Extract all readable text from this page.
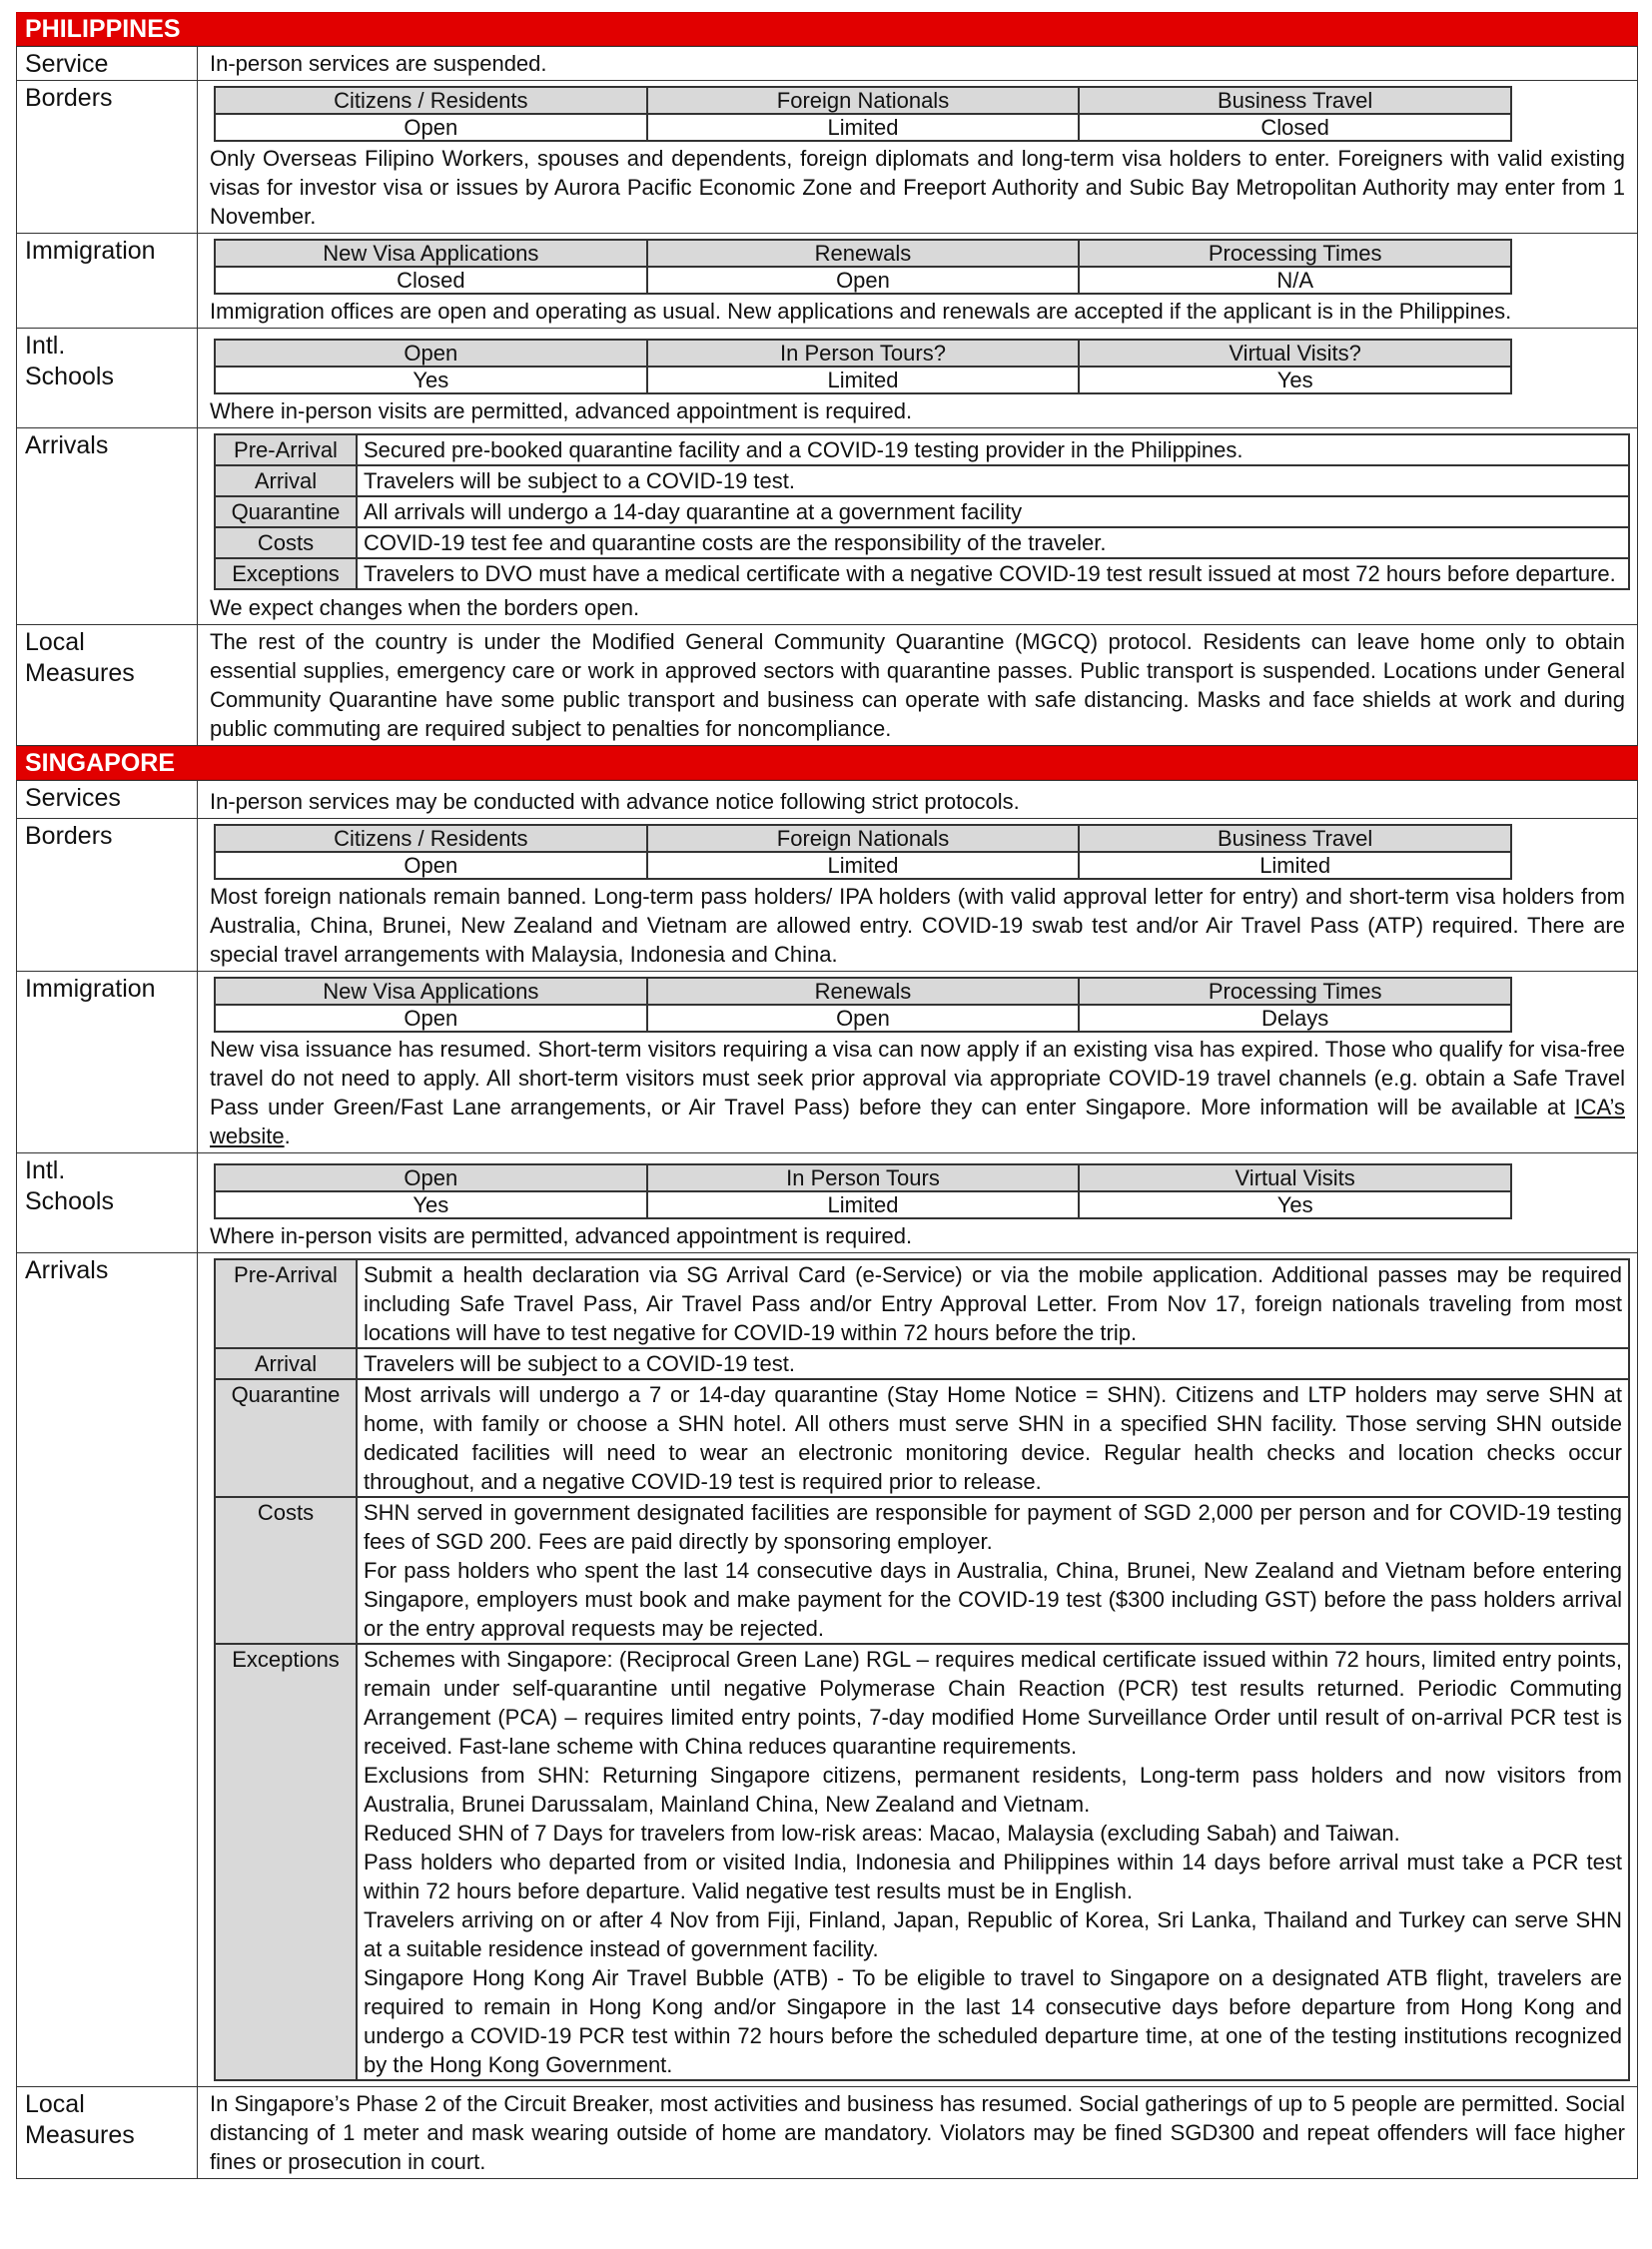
PHILIPPINES
Service	In-person services are suspended.
Borders		Citizens / Residents	Foreign Nationals	Business Travel
Open	Limited	Closed

Only Overseas Filipino Workers, spouses and dependents, foreign diplomats and long-term visa holders to enter. Foreigners with valid existing visas for investor visa or issues by Aurora Pacific Economic Zone and Freeport Authority and Subic Bay Metropolitan Authority may enter from 1 November.

Immigration		New Visa Applications	Renewals	Processing Times
Closed	Open	N/A

Immigration offices are open and operating as usual. New applications and renewals are accepted if the applicant is in the Philippines.

Intl.
Schools

Open	In Person Tours?	Virtual Visits?
Yes	Limited	Yes

Where in-person visits are permitted, advanced appointment is required.

Arrivals		Pre-Arrival	Secured pre-booked quarantine facility and a COVID-19 testing provider in the Philippines.
Arrival	Travelers will be subject to a COVID-19 test.
Quarantine	All arrivals will undergo a 14-day quarantine at a government facility
Costs	COVID-19 test fee and quarantine costs are the responsibility of the traveler.
Exceptions	Travelers to DVO must have a medical certificate with a negative COVID-19 test result issued at most 72 hours before departure.

We expect changes when the borders open.

Local
Measures
	The rest of the country is under the Modified General Community Quarantine (MGCQ) protocol. Residents can leave home only to obtain essential supplies, emergency care or work in approved sectors with quarantine passes. Public transport is suspended. Locations under General Community Quarantine have some public transport and business can operate with safe distancing. Masks and face shields at work and during public commuting are required subject to penalties for noncompliance.
SINGAPORE
Services	In-person services may be conducted with advance notice following strict protocols.
Borders		Citizens / Residents	Foreign Nationals	Business Travel
Open	Limited	Limited

Most foreign nationals remain banned. Long-term pass holders/ IPA holders (with valid approval letter for entry) and short-term visa holders from Australia, China, Brunei, New Zealand and Vietnam are allowed entry. COVID-19 swab test and/or Air Travel Pass (ATP) required. There are special travel arrangements with Malaysia, Indonesia and China.

Immigration		New Visa Applications	Renewals	Processing Times
Open	Open	Delays

New visa issuance has resumed. Short-term visitors requiring a visa can now apply if an existing visa has expired. Those who qualify for visa-free travel do not need to apply. All short-term visitors must seek prior approval via appropriate COVID-19 travel channels (e.g. obtain a Safe Travel Pass under Green/Fast Lane arrangements, or Air Travel Pass) before they can enter Singapore. More information will be available at ICA’s website.

Intl.
Schools

Open	In Person Tours	Virtual Visits
Yes	Limited	Yes

Where in-person visits are permitted, advanced appointment is required.

Arrivals		Pre-Arrival	Submit a health declaration via SG Arrival Card (e-Service) or via the mobile application. Additional passes may be required including Safe Travel Pass, Air Travel Pass and/or Entry Approval Letter. From Nov 17, foreign nationals traveling from most locations will have to test negative for COVID-19 within 72 hours before the trip.
Arrival	Travelers will be subject to a COVID-19 test.
Quarantine	Most arrivals will undergo a 7 or 14-day quarantine (Stay Home Notice = SHN). Citizens and LTP holders may serve SHN at home, with family or choose a SHN hotel. All others must serve SHN in a specified SHN facility. Those serving SHN outside dedicated facilities will need to wear an electronic monitoring device. Regular health checks and location checks occur throughout, and a negative COVID-19 test is required prior to release.
Costs	SHN served in government designated facilities are responsible for payment of SGD 2,000 per person and for COVID-19 testing fees of SGD 200. Fees are paid directly by sponsoring employer.
For pass holders who spent the last 14 consecutive days in Australia, China, Brunei, New Zealand and Vietnam before entering Singapore, employers must book and make payment for the COVID-19 test ($300 including GST) before the pass holders arrival or the entry approval requests may be rejected.

Exceptions	Schemes with Singapore: (Reciprocal Green Lane) RGL – requires medical certificate issued within 72 hours, limited entry points, remain under self-quarantine until negative Polymerase Chain Reaction (PCR) test results returned. Periodic Commuting Arrangement (PCA) – requires limited entry points, 7-day modified Home Surveillance Order until result of on-arrival PCR test is received. Fast-lane scheme with China reduces quarantine requirements.
Exclusions from SHN: Returning Singapore citizens, permanent residents, Long-term pass holders and now visitors from Australia, Brunei Darussalam, Mainland China, New Zealand and Vietnam.
Reduced SHN of 7 Days for travelers from low-risk areas: Macao, Malaysia (excluding Sabah) and Taiwan.
Pass holders who departed from or visited India, Indonesia and Philippines within 14 days before arrival must take a PCR test within 72 hours before departure. Valid negative test results must be in English.
Travelers arriving on or after 4 Nov from Fiji, Finland, Japan, Republic of Korea, Sri Lanka, Thailand and Turkey can serve SHN at a suitable residence instead of government facility.
Singapore Hong Kong Air Travel Bubble (ATB) - To be eligible to travel to Singapore on a designated ATB flight, travelers are required to remain in Hong Kong and/or Singapore in the last 14 consecutive days before departure from Hong Kong and undergo a COVID-19 PCR test within 72 hours before the scheduled departure time, at one of the testing institutions recognized by the Hong Kong Government.

Local
Measures
	In Singapore’s Phase 2 of the Circuit Breaker, most activities and business has resumed. Social gatherings of up to 5 people are permitted. Social distancing of 1 meter and mask wearing outside of home are mandatory. Violators may be fined SGD300 and repeat offenders will face higher fines or prosecution in court.
